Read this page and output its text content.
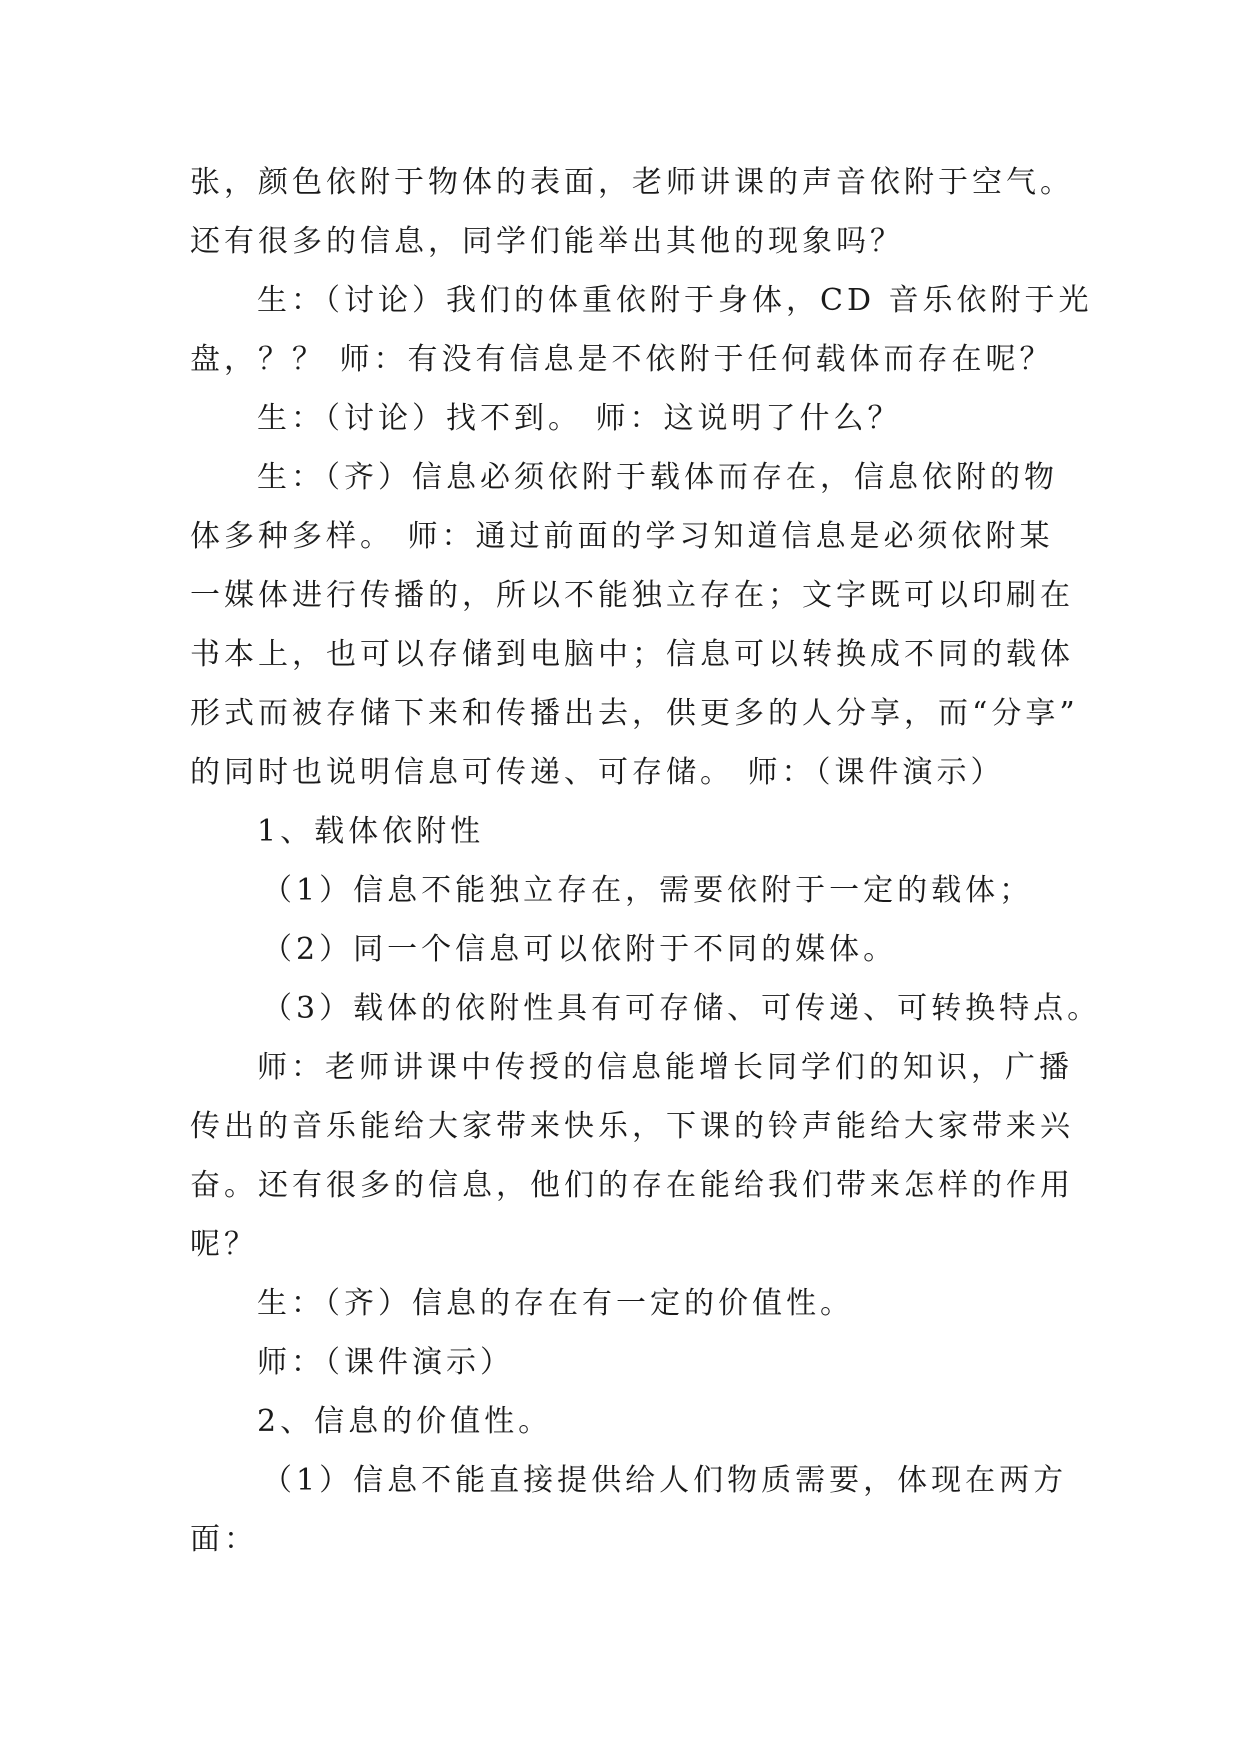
张，颜色依附于物体的表面，老师讲课的声音依附于空气。
还有很多的信息，同学们能举出其他的现象吗？
生：（讨论）我们的体重依附于身体，CD 音乐依附于光
盘，？？ 师：有没有信息是不依附于任何载体而存在呢？
生：（讨论）找不到。 师：这说明了什么？
生：（齐）信息必须依附于载体而存在，信息依附的物
体多种多样。 师：通过前面的学习知道信息是必须依附某
一媒体进行传播的，所以不能独立存在；文字既可以印刷在
书本上，也可以存储到电脑中；信息可以转换成不同的载体
形式而被存储下来和传播出去，供更多的人分享，而“分享”
的同时也说明信息可传递、可存储。 师：（课件演示）
1、载体依附性
（1）信息不能独立存在，需要依附于一定的载体；
（2）同一个信息可以依附于不同的媒体。
（3）载体的依附性具有可存储、可传递、可转换特点。
师：老师讲课中传授的信息能增长同学们的知识，广播
传出的音乐能给大家带来快乐，下课的铃声能给大家带来兴
奋。还有很多的信息，他们的存在能给我们带来怎样的作用
呢？
生：（齐）信息的存在有一定的价值性。
师：（课件演示）
2、信息的价值性。
（1）信息不能直接提供给人们物质需要，体现在两方
面：
